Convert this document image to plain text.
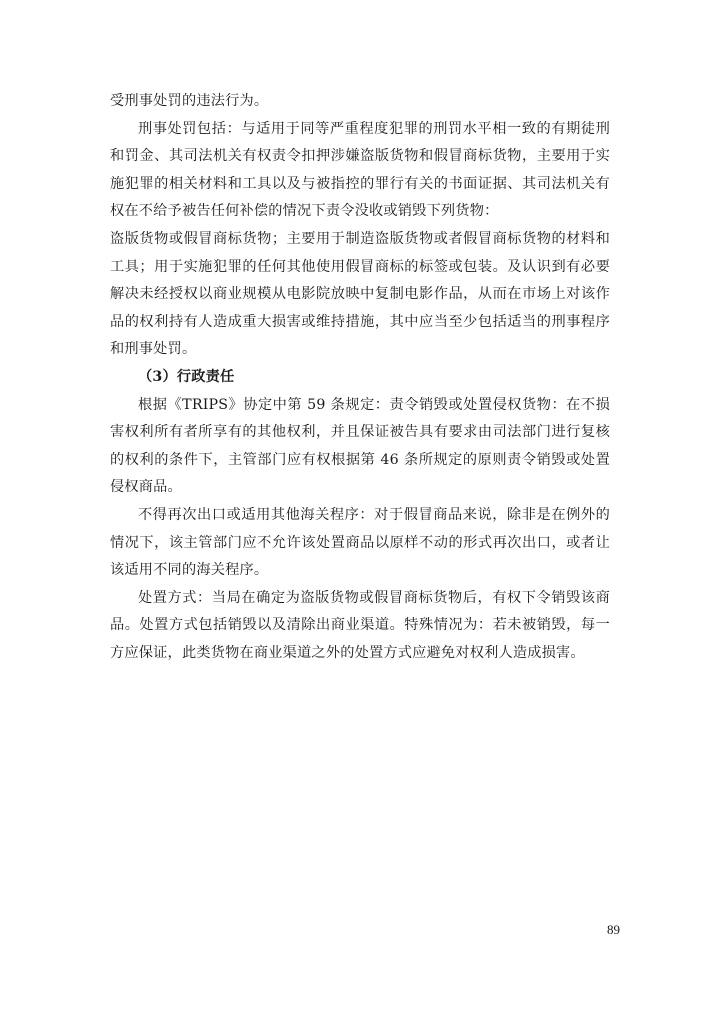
受刑事处罚的违法行为。

刑事处罚包括：与适用于同等严重程度犯罪的刑罚水平相一致的有期徒刑和罚金、其司法机关有权责令扣押涉嫌盗版货物和假冒商标货物，主要用于实施犯罪的相关材料和工具以及与被指控的罪行有关的书面证据、其司法机关有权在不给予被告任何补偿的情况下责令没收或销毁下列货物：

盗版货物或假冒商标货物；主要用于制造盗版货物或者假冒商标货物的材料和工具；用于实施犯罪的任何其他使用假冒商标的标签或包装。及认识到有必要解决未经授权以商业规模从电影院放映中复制电影作品，从而在市场上对该作品的权利持有人造成重大损害或维持措施，其中应当至少包括适当的刑事程序和刑事处罚。

（3）行政责任

根据《TRIPS》协定中第 59 条规定：责令销毁或处置侵权货物：在不损害权利所有者所享有的其他权利，并且保证被告具有要求由司法部门进行复核的权利的条件下，主管部门应有权根据第 46 条所规定的原则责令销毁或处置侵权商品。

不得再次出口或适用其他海关程序：对于假冒商品来说，除非是在例外的情况下，该主管部门应不允许该处置商品以原样不动的形式再次出口，或者让该适用不同的海关程序。

处置方式：当局在确定为盗版货物或假冒商标货物后，有权下令销毁该商品。处置方式包括销毁以及清除出商业渠道。特殊情况为：若未被销毁，每一方应保证，此类货物在商业渠道之外的处置方式应避免对权利人造成损害。

89
